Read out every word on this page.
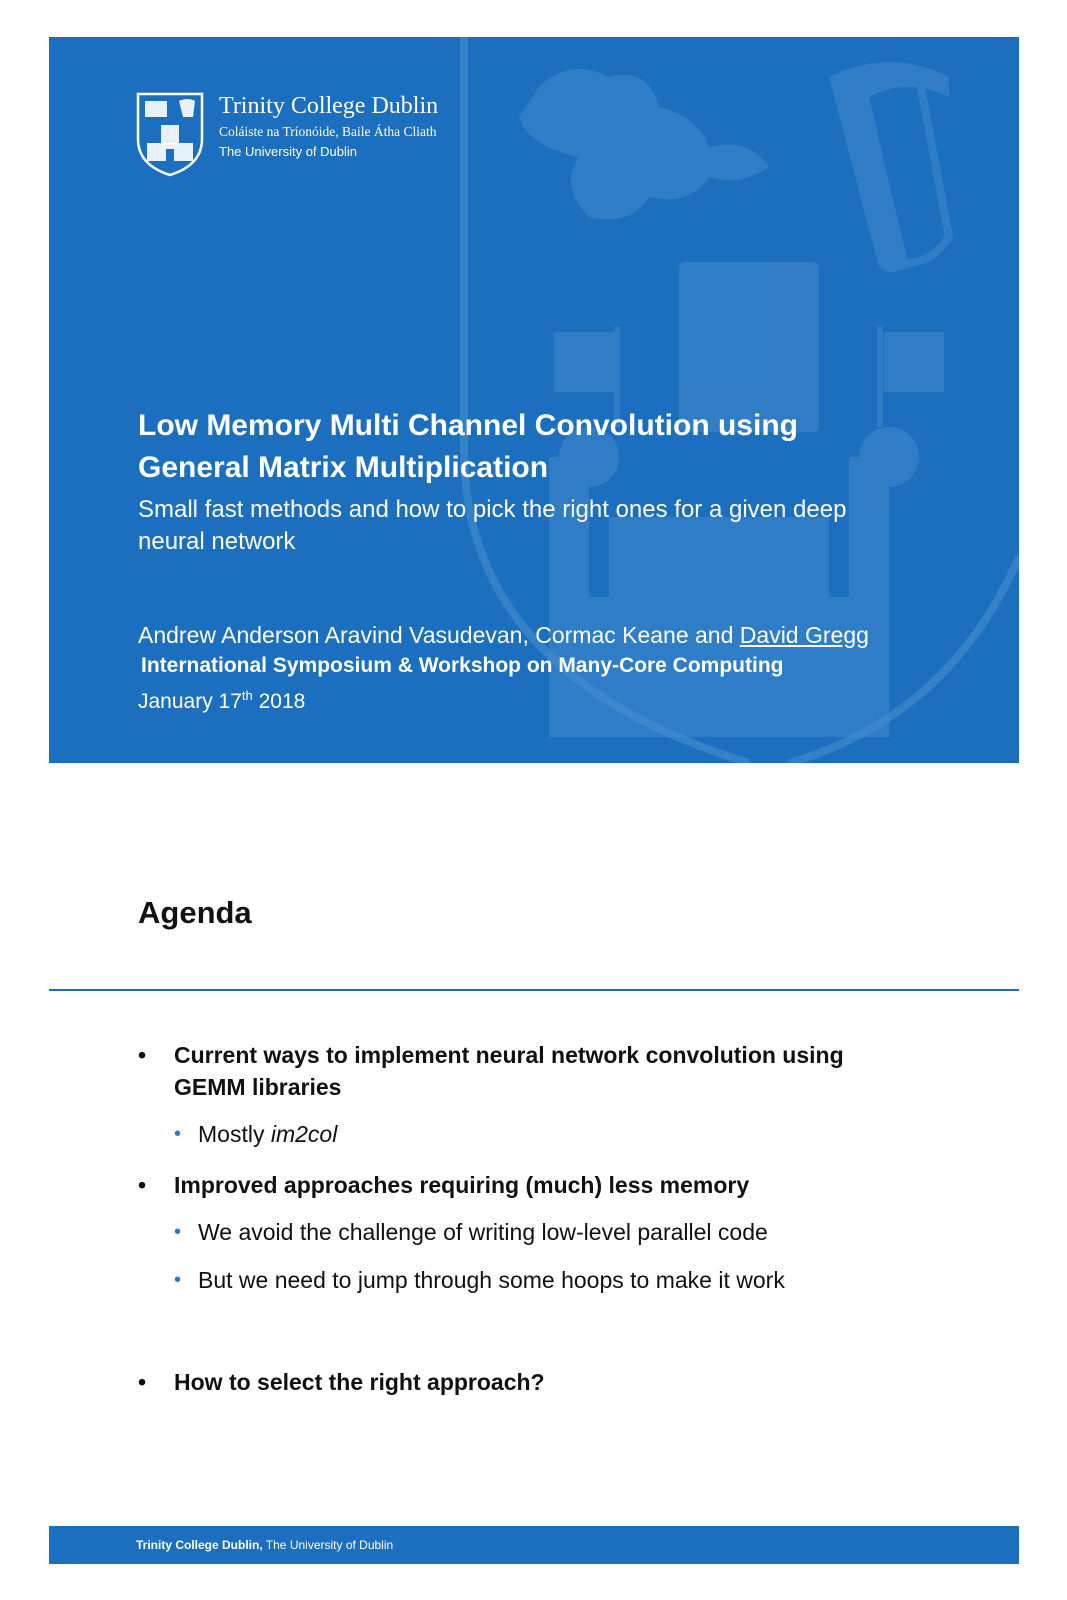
Trinity College Dublin
Coláiste na Tríonóide, Baile Átha Cliath
The University of Dublin
Low Memory Multi Channel Convolution using
General Matrix Multiplication
Small fast methods and how to pick the right ones for a given deep neural network
Andrew Anderson Aravind Vasudevan, Cormac Keane and David Gregg
International Symposium & Workshop on Many-Core Computing
January 17th 2018
Agenda
• Current ways to implement neural network convolution using GEMM libraries
• Mostly im2col
• Improved approaches requiring (much) less memory
• We avoid the challenge of writing low-level parallel code
• But we need to jump through some hoops to make it work
• How to select the right approach?
Trinity College Dublin, The University of Dublin
